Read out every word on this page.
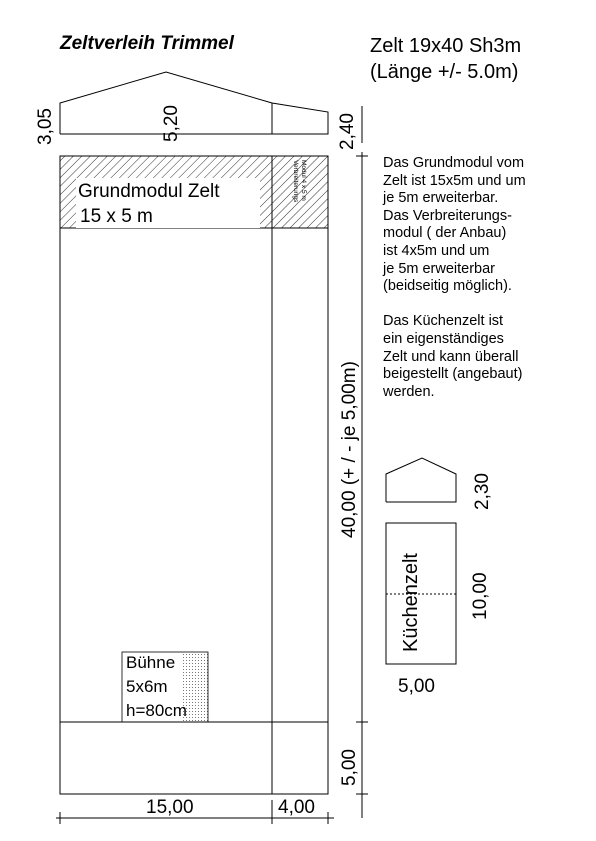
Zeltverleih Trimmel	Zelt 19x40 Sh3m
(Länge +/- 5.0m)
3,05	5,20	2,40
Grundmodul Zelt
15 x 5 m
Verbreiterungs Modul 4 x 5 m
Bühne
5x6m
h=80cm
40,00 (+ / - je 5,00m)
5,00
15,00	4,00
2,30
Küchenzelt	10,00
5,00

Das Grundmodul vom
Zelt ist 15x5m und um
je 5m erweiterbar.
Das Verbreiterungs-
modul ( der Anbau)
ist 4x5m und um
je 5m erweiterbar
(beidseitig möglich).

Das Küchenzelt ist
ein eigenständiges
Zelt und kann überall
beigestellt (angebaut)
werden.
